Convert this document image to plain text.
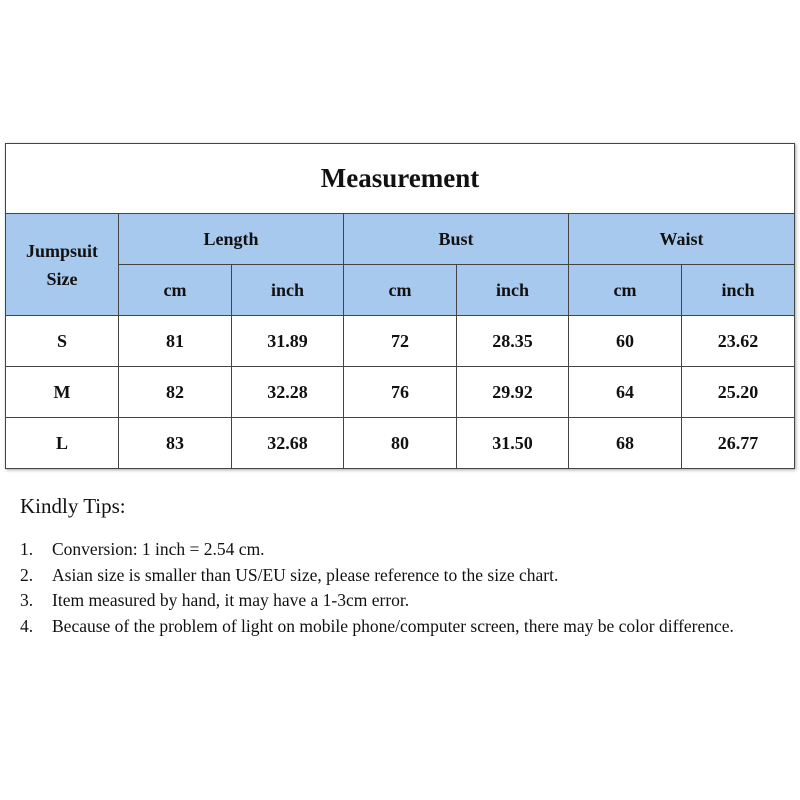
Measurement						
Jumpsuit
Size	Length		Bust		Waist	
	cm	inch	cm	inch	cm	inch
S	81	31.89	72	28.35	60	23.62
M	82	32.28	76	29.92	64	25.20
L	83	32.68	80	31.50	68	26.77
Kindly Tips:
1.	Conversion: 1 inch = 2.54 cm.
2.	Asian size is smaller than US/EU size, please reference to the size chart.
3.	Item measured by hand, it may have a 1-3cm error.
4.	Because of the problem of light on mobile phone/computer screen, there may be color difference.
